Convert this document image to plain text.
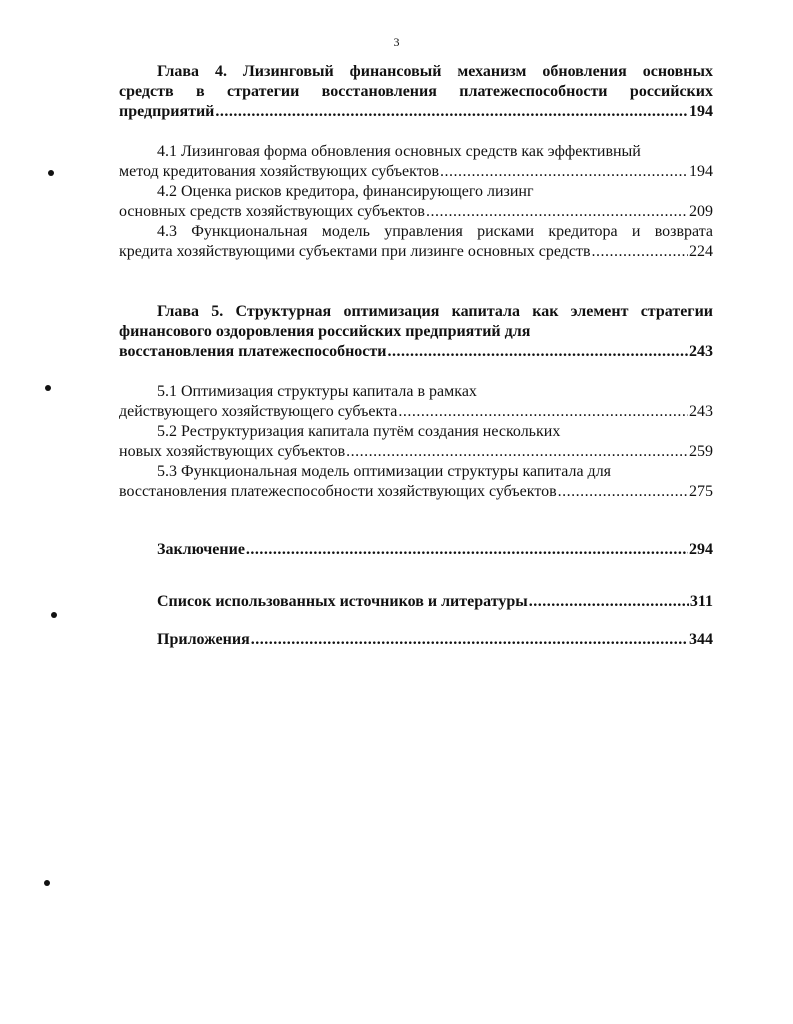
3
Глава 4. Лизинговый финансовый механизм обновления основных
средств в стратегии восстановления платежеспособности российских
предприятий .....	194
4.1 Лизинговая форма обновления основных средств как эффективный
метод кредитования хозяйствующих субъектов .....	194
4.2 Оценка рисков кредитора, финансирующего лизинг
основных средств хозяйствующих субъектов .....	209
4.3 Функциональная модель управления рисками кредитора и возврата
кредита хозяйствующими субъектами при лизинге основных средств .....	224
Глава 5. Структурная оптимизация капитала как элемент стратегии
финансового оздоровления российских предприятий для
восстановления платежеспособности .....	243
5.1 Оптимизация структуры капитала в рамках
действующего хозяйствующего субъекта .....	243
5.2 Реструктуризация капитала путём создания нескольких
новых хозяйствующих субъектов .....	259
5.3 Функциональная модель оптимизации структуры капитала для
восстановления платежеспособности хозяйствующих субъектов .....	275
Заключение .....	294
Список использованных источников и литературы .....	311
Приложения .....	344
